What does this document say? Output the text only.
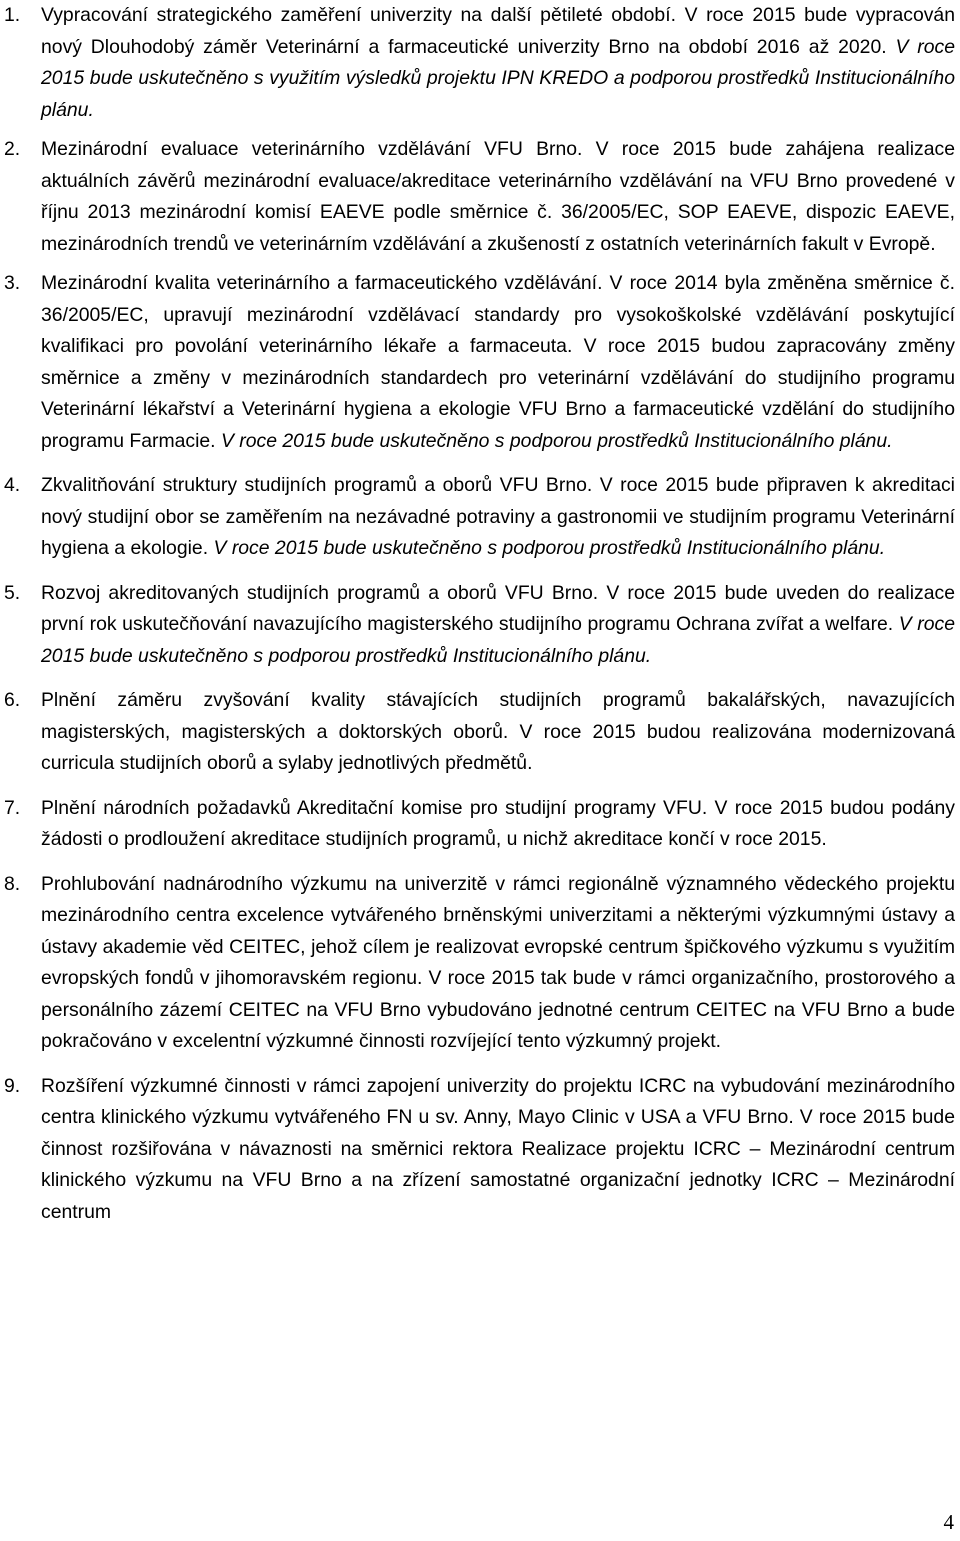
1. Vypracování strategického zaměření univerzity na další pětileté období. V roce 2015 bude vypracován nový Dlouhodobý záměr Veterinární a farmaceutické univerzity Brno na období 2016 až 2020. V roce 2015 bude uskutečněno s využitím výsledků projektu IPN KREDO a podporou prostředků Institucionálního plánu.

2. Mezinárodní evaluace veterinárního vzdělávání VFU Brno. V roce 2015 bude zahájena realizace aktuálních závěrů mezinárodní evaluace/akreditace veterinárního vzdělávání na VFU Brno provedené v říjnu 2013 mezinárodní komisí EAEVE podle směrnice č. 36/2005/EC, SOP EAEVE, dispozic EAEVE, mezinárodních trendů ve veterinárním vzdělávání a zkušeností z ostatních veterinárních fakult v Evropě.

3. Mezinárodní kvalita veterinárního a farmaceutického vzdělávání. V roce 2014 byla změněna směrnice č. 36/2005/EC, upravují mezinárodní vzdělávací standardy pro vysokoškolské vzdělávání poskytující kvalifikaci pro povolání veterinárního lékaře a farmaceuta. V roce 2015 budou zapracovány změny směrnice a změny v mezinárodních standardech pro veterinární vzdělávání do studijního programu Veterinární lékařství a Veterinární hygiena a ekologie VFU Brno a farmaceutické vzdělání do studijního programu Farmacie. V roce 2015 bude uskutečněno s podporou prostředků Institucionálního plánu.

4. Zkvalitňování struktury studijních programů a oborů VFU Brno. V roce 2015 bude připraven k akreditaci nový studijní obor se zaměřením na nezávadné potraviny a gastronomii ve studijním programu Veterinární hygiena a ekologie. V roce 2015 bude uskutečněno s podporou prostředků Institucionálního plánu.

5. Rozvoj akreditovaných studijních programů a oborů VFU Brno. V roce 2015 bude uveden do realizace první rok uskutečňování navazujícího magisterského studijního programu Ochrana zvířat a welfare. V roce 2015 bude uskutečněno s podporou prostředků Institucionálního plánu.

6. Plnění záměru zvyšování kvality stávajících studijních programů bakalářských, navazujících magisterských, magisterských a doktorských oborů. V roce 2015 budou realizována modernizovaná curricula studijních oborů a sylaby jednotlivých předmětů.

7. Plnění národních požadavků Akreditační komise pro studijní programy VFU. V roce 2015 budou podány žádosti o prodloužení akreditace studijních programů, u nichž akreditace končí v roce 2015.

8. Prohlubování nadnárodního výzkumu na univerzitě v rámci regionálně významného vědeckého projektu mezinárodního centra excelence vytvářeného brněnskými univerzitami a některými výzkumnými ústavy a ústavy akademie věd CEITEC, jehož cílem je realizovat evropské centrum špičkového výzkumu s využitím evropských fondů v jihomoravském regionu. V roce 2015 tak bude v rámci organizačního, prostorového a personálního zázemí CEITEC na VFU Brno vybudováno jednotné centrum CEITEC na VFU Brno a bude pokračováno v excelentní výzkumné činnosti rozvíjející tento výzkumný projekt.

9. Rozšíření výzkumné činnosti v rámci zapojení univerzity do projektu ICRC na vybudování mezinárodního centra klinického výzkumu vytvářeného FN u sv. Anny, Mayo Clinic v USA a VFU Brno. V roce 2015 bude činnost rozšiřována v návaznosti na směrnici rektora Realizace projektu ICRC – Mezinárodní centrum klinického výzkumu na VFU Brno a na zřízení samostatné organizační jednotky ICRC – Mezinárodní centrum

4
